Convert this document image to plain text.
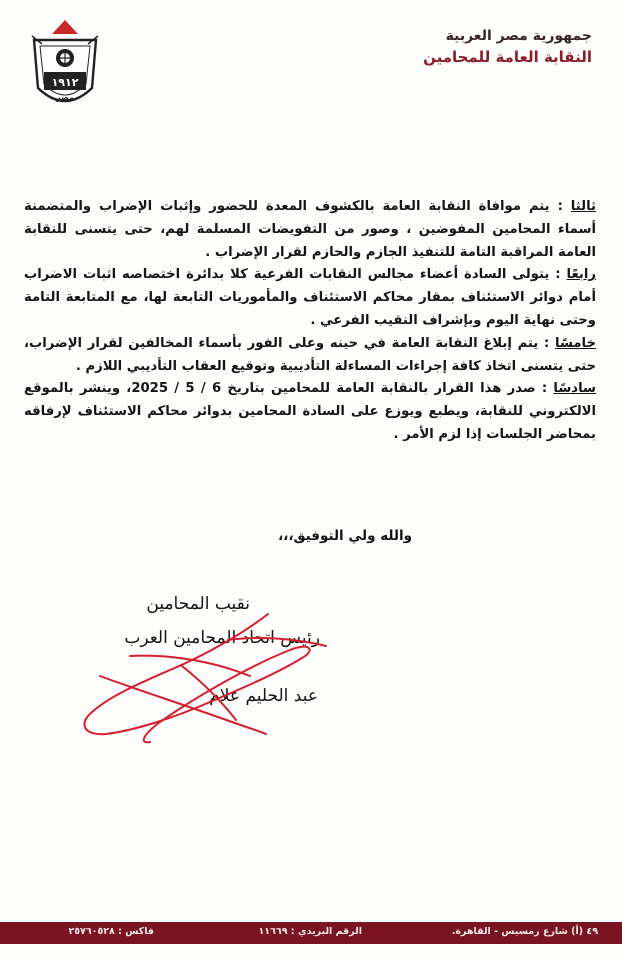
جمهورية مصر العربية
النقابة العامة للمحامين
١٩١٢
مصر

ثالثا : يتم موافاة النقابة العامة بالكشوف المعدة للحضور وإثبات الإضراب والمتضمنة أسماء المحامين المفوضين ، وصور من التفويضات المسلمة لهم، حتى يتسنى للنقابة العامة المراقبة التامة للتنفيذ الجازم والحازم لقرار الإضراب .

رابعًا : يتولى السادة أعضاء مجالس النقابات الفرعية كلا بدائرة اختصاصه اثبات الاضراب أمام دوائر الاستئناف بمقار محاكم الاستئناف والمأموريات التابعة لها، مع المتابعة التامة وحتى نهاية اليوم وبإشراف النقيب الفرعي .

خامسًا : يتم إبلاغ النقابة العامة في حينه وعلى الفور بأسماء المخالفين لقرار الإضراب، حتى يتسنى اتخاذ كافة إجراءات المساءلة التأديبية وتوقيع العقاب التأديبي اللازم .

سادسًا : صدر هذا القرار بالنقابة العامة للمحامين بتاريخ 6 / 5 / 2025، وينشر بالموقع الالكتروني للنقابة، ويطبع ويوزع على السادة المحامين بدوائر محاكم الاستئناف لإرفاقه بمحاضر الجلسات إذا لزم الأمر .

والله ولي التوفيق،،،
نقيب المحامين
رئيس اتحاد المحامين العرب
عبد الحليم علام
٤٩ (أ) شارع رمسيس - القاهرة.
الرقم البريدي : ١١٦٦٩
فاكس : ٢٥٧٦٠٥٢٨
